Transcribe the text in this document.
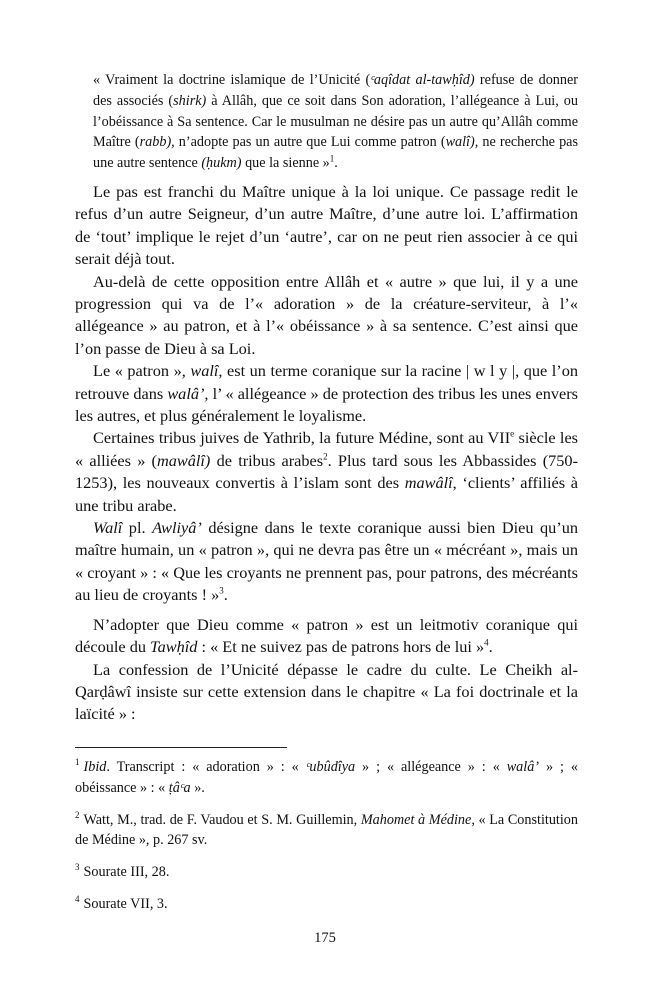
« Vraiment la doctrine islamique de l’Unicité (ᶜaqîdat al-tawḥîd) refuse de donner des associés (shirk) à Allâh, que ce soit dans Son adoration, l’allégeance à Lui, ou l’obéissance à Sa sentence. Car le musulman ne désire pas un autre qu’Allâh comme Maître (rabb), n’adopte pas un autre que Lui comme patron (walî), ne recherche pas une autre sentence (ḥukm) que la sienne »$^1$.

Le pas est franchi du Maître unique à la loi unique. Ce passage redit le refus d’un autre Seigneur, d’un autre Maître, d’une autre loi. L’affirmation de ‘tout’ implique le rejet d’un ‘autre’, car on ne peut rien associer à ce qui serait déjà tout.

Au-delà de cette opposition entre Allâh et « autre » que lui, il y a une progression qui va de l’« adoration » de la créature-serviteur, à l’« allégeance » au patron, et à l’« obéissance » à sa sentence. C’est ainsi que l’on passe de Dieu à sa Loi.

Le « patron », walî, est un terme coranique sur la racine | w l y |, que l’on retrouve dans walâ’, l’ « allégeance » de protection des tribus les unes envers les autres, et plus généralement le loyalisme.

Certaines tribus juives de Yathrib, la future Médine, sont au VIIe siècle les « alliées » (mawâlî) de tribus arabes$^2$. Plus tard sous les Abbassides (750-1253), les nouveaux convertis à l’islam sont des mawâlî, ‘clients’ affiliés à une tribu arabe.

Walî pl. Awliyâ’ désigne dans le texte coranique aussi bien Dieu qu’un maître humain, un « patron », qui ne devra pas être un « mécréant », mais un « croyant » : « Que les croyants ne prennent pas, pour patrons, des mécréants au lieu de croyants ! »$^3$.

N’adopter que Dieu comme « patron » est un leitmotiv coranique qui découle du Tawḥîd : « Et ne suivez pas de patrons hors de lui »$^4$.

La confession de l’Unicité dépasse le cadre du culte. Le Cheikh al-Qarḍâwî insiste sur cette extension dans le chapitre « La foi doctrinale et la laïcité » :

$^1$ Ibid. Transcript : « adoration » : « ᶜubûdîya » ; « allégeance » : « walâ’ » ; « obéissance » : « ṭâᶜa ».

$^2$ Watt, M., trad. de F. Vaudou et S. M. Guillemin, Mahomet à Médine, « La Constitution de Médine », p. 267 sv.

$^3$ Sourate III, 28.

$^4$ Sourate VII, 3.

175
